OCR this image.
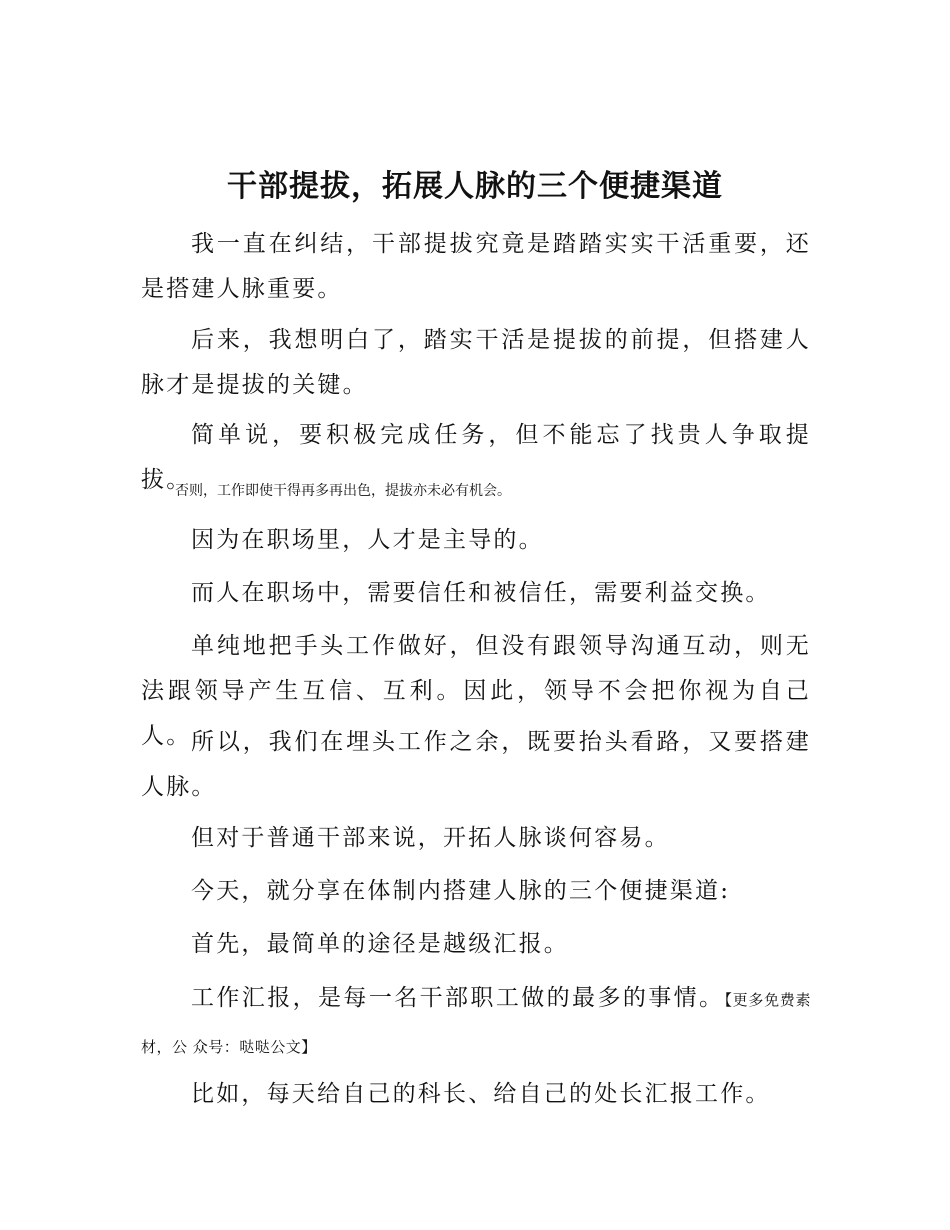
干部提拔，拓展人脉的三个便捷渠道

我一直在纠结，干部提拔究竟是踏踏实实干活重要，还是搭建人脉重要。

后来，我想明白了，踏实干活是提拔的前提，但搭建人脉才是提拔的关键。

简单说，要积极完成任务，但不能忘了找贵人争取提拔。

否则，工作即使干得再多再出色，提拔亦未必有机会。

因为在职场里，人才是主导的。

而人在职场中，需要信任和被信任，需要利益交换。

单纯地把手头工作做好，但没有跟领导沟通互动，则无法跟领导产生互信、互利。因此，领导不会把你视为自己人。 所以，我们在埋头工作之余，既要抬头看路，又要搭建人脉。

但对于普通干部来说，开拓人脉谈何容易。

今天，就分享在体制内搭建人脉的三个便捷渠道:

首先，最简单的途径是越级汇报。

工作汇报，是每一名干部职工做的最多的事情。【更多免费素材，公 众号：哒哒公文】

比如，每天给自己的科长、给自己的处长汇报工作。
